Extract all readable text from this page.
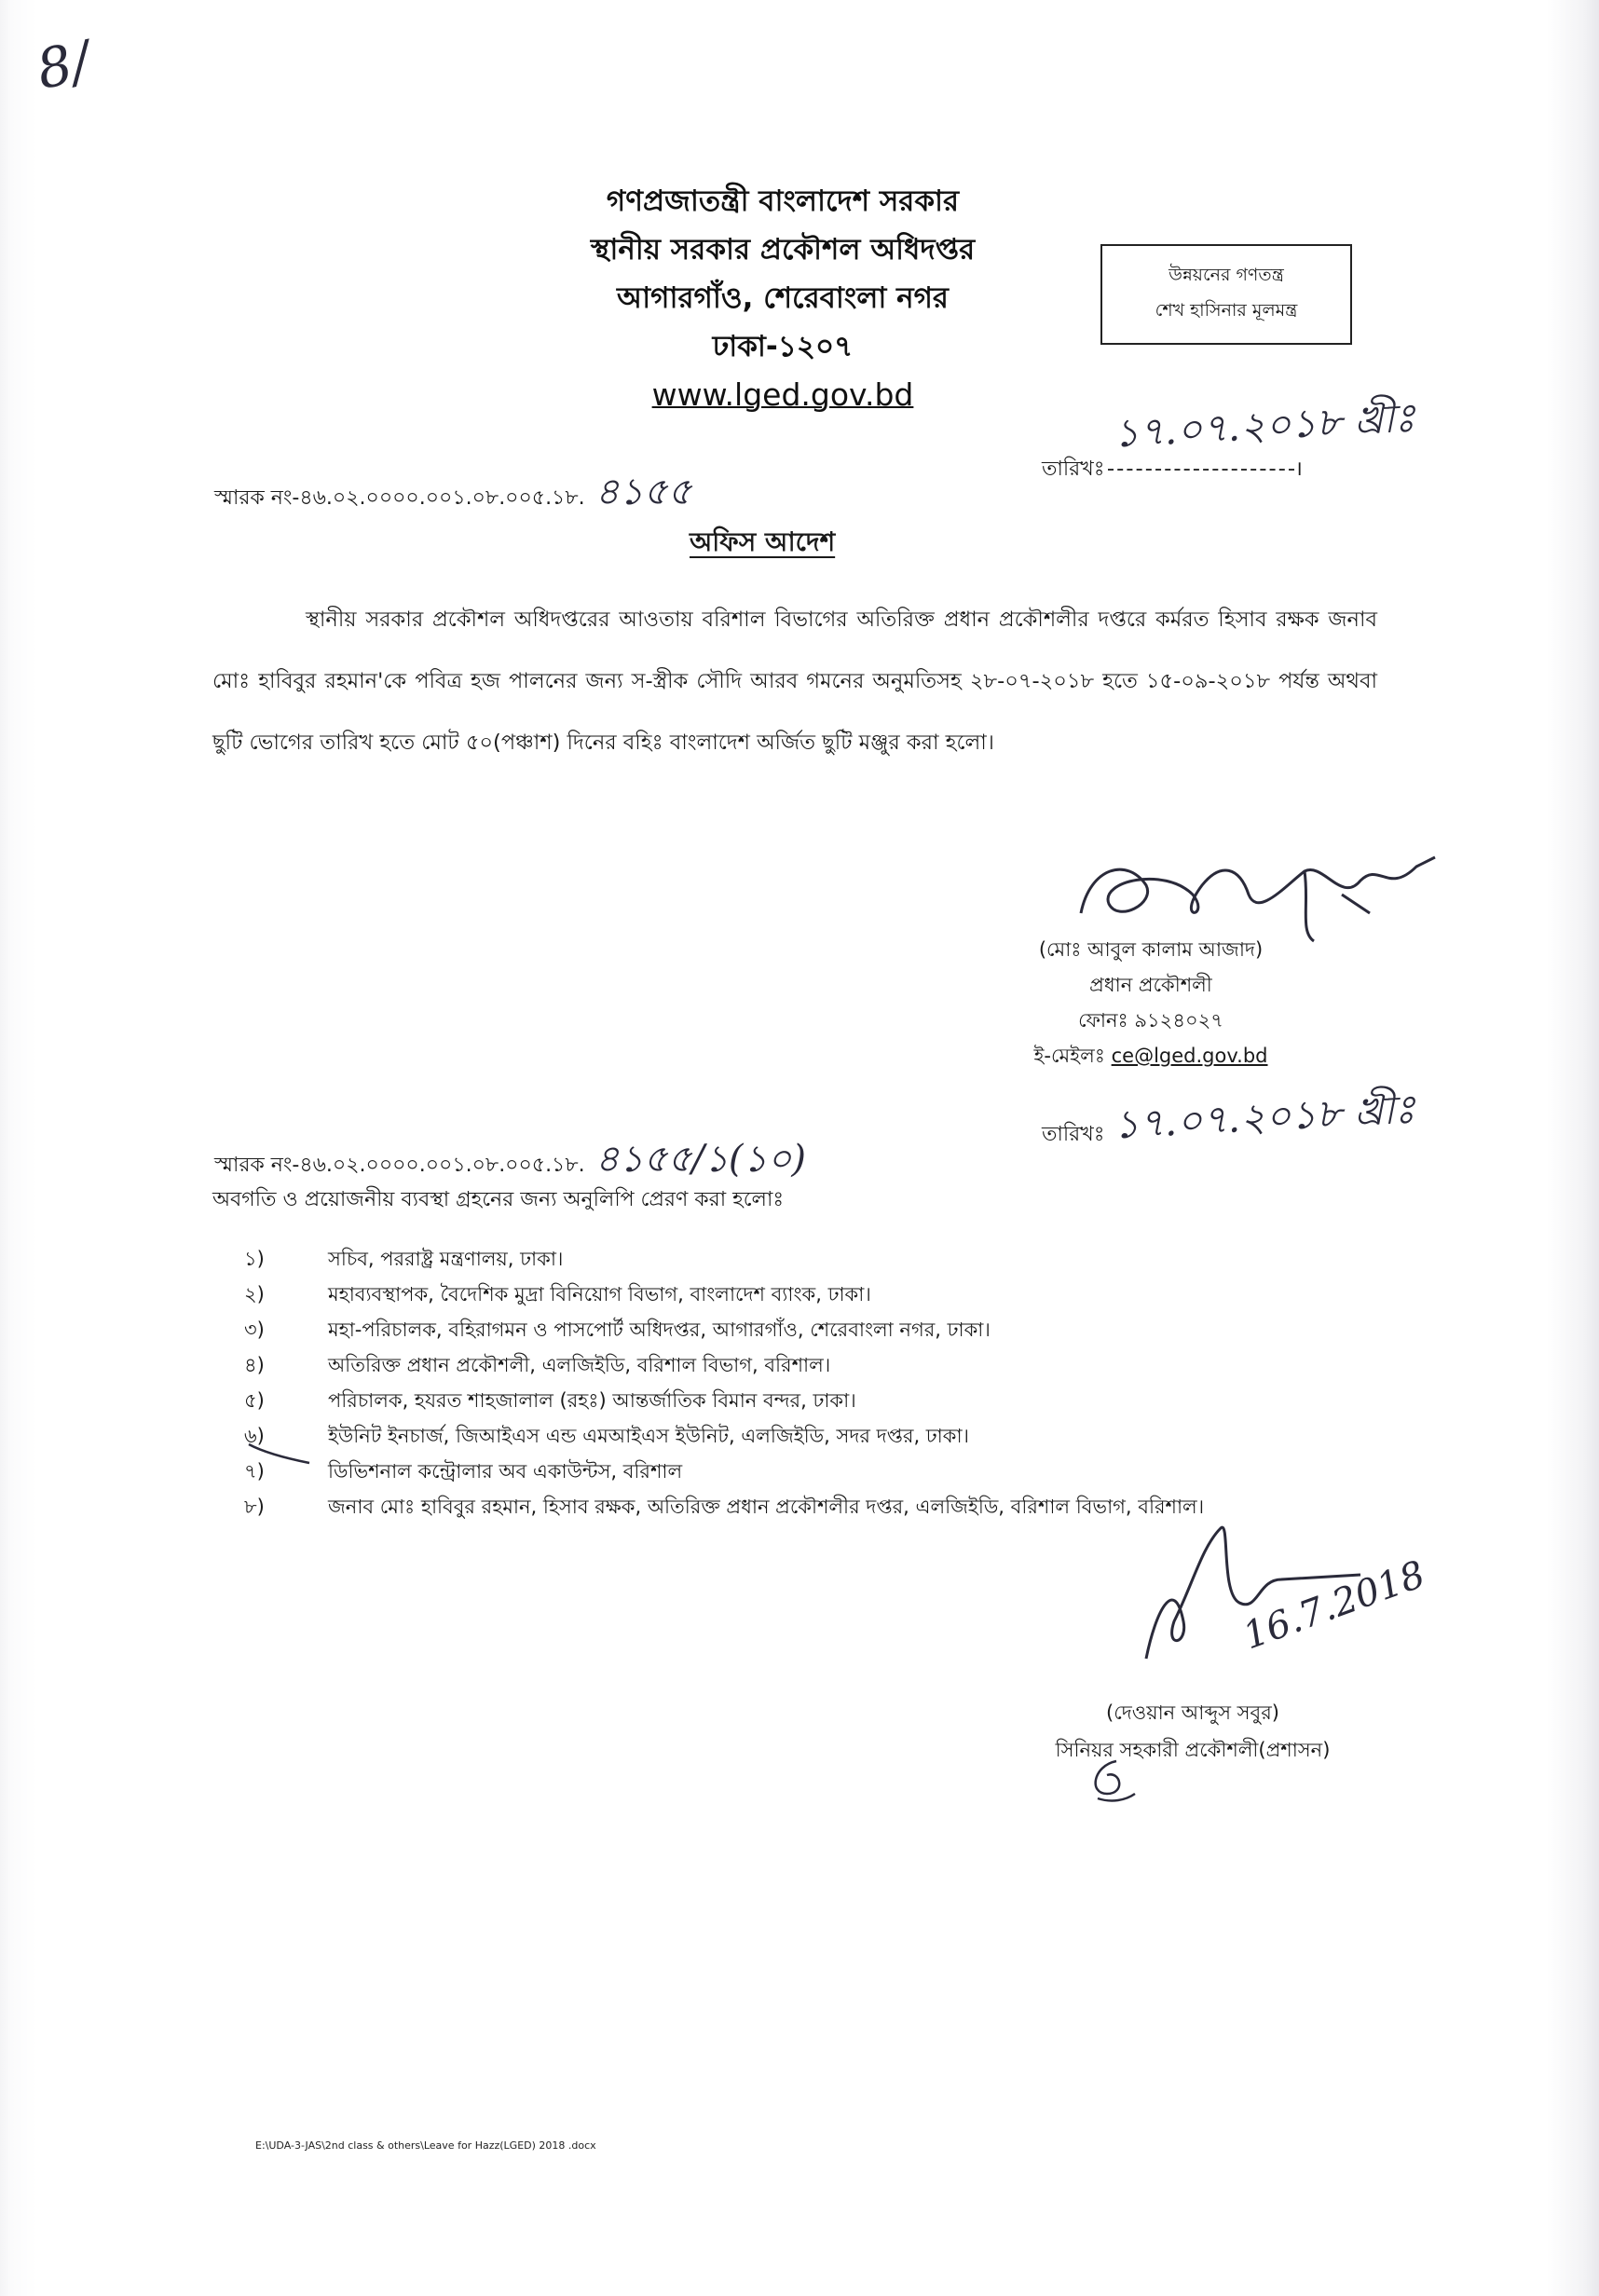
8/
গণপ্রজাতন্ত্রী বাংলাদেশ সরকার
স্থানীয় সরকার প্রকৌশল অধিদপ্তর
আগারগাঁও, শেরেবাংলা নগর
ঢাকা-১২০৭
www.lged.gov.bd
উন্নয়নের গণতন্ত্র
শেখ হাসিনার মূলমন্ত্র
স্মারক নং-৪৬.০২.০০০০.০০১.০৮.০০৫.১৮. ৪১৫৫
তারিখঃ	।
১৭.০৭.২০১৮ খ্রীঃ
অফিস আদেশ
স্থানীয় সরকার প্রকৌশল অধিদপ্তরের আওতায় বরিশাল বিভাগের অতিরিক্ত প্রধান প্রকৌশলীর দপ্তরে কর্মরত হিসাব রক্ষক জনাব মোঃ হাবিবুর রহমান'কে পবিত্র হজ পালনের জন্য স-স্ত্রীক সৌদি আরব গমনের অনুমতিসহ ২৮-০৭-২০১৮ হতে ১৫-০৯-২০১৮ পর্যন্ত অথবা ছুটি ভোগের তারিখ হতে মোট ৫০(পঞ্চাশ) দিনের বহিঃ বাংলাদেশ অর্জিত ছুটি মঞ্জুর করা হলো।
(মোঃ আবুল কালাম আজাদ)
প্রধান প্রকৌশলী
ফোনঃ ৯১২৪০২৭
ই-মেইলঃ ce@lged.gov.bd
স্মারক নং-৪৬.০২.০০০০.০০১.০৮.০০৫.১৮. ৪১৫৫/১(১০)
তারিখঃ ১৭.০৭.২০১৮ খ্রীঃ
অবগতি ও প্রয়োজনীয় ব্যবস্থা গ্রহনের জন্য অনুলিপি প্রেরণ করা হলোঃ
১)	সচিব, পররাষ্ট্র মন্ত্রণালয়, ঢাকা।
২)	মহাব্যবস্থাপক, বৈদেশিক মুদ্রা বিনিয়োগ বিভাগ, বাংলাদেশ ব্যাংক, ঢাকা।
৩)	মহা-পরিচালক, বহিরাগমন ও পাসপোর্ট অধিদপ্তর, আগারগাঁও, শেরেবাংলা নগর, ঢাকা।
৪)	অতিরিক্ত প্রধান প্রকৌশলী, এলজিইডি, বরিশাল বিভাগ, বরিশাল।
৫)	পরিচালক, হযরত শাহজালাল (রহঃ) আন্তর্জাতিক বিমান বন্দর, ঢাকা।
৬)	ইউনিট ইনচার্জ, জিআইএস এন্ড এমআইএস ইউনিট, এলজিইডি, সদর দপ্তর, ঢাকা।
৭)	ডিভিশনাল কন্ট্রোলার অব একাউন্টস, বরিশাল
৮)	জনাব মোঃ হাবিবুর রহমান, হিসাব রক্ষক, অতিরিক্ত প্রধান প্রকৌশলীর দপ্তর, এলজিইডি, বরিশাল বিভাগ, বরিশাল।
16.7.2018
(দেওয়ান আব্দুস সবুর)
সিনিয়র সহকারী প্রকৌশলী(প্রশাসন)
E:\UDA-3-JAS\2nd class & others\Leave for Hazz(LGED) 2018 .docx
